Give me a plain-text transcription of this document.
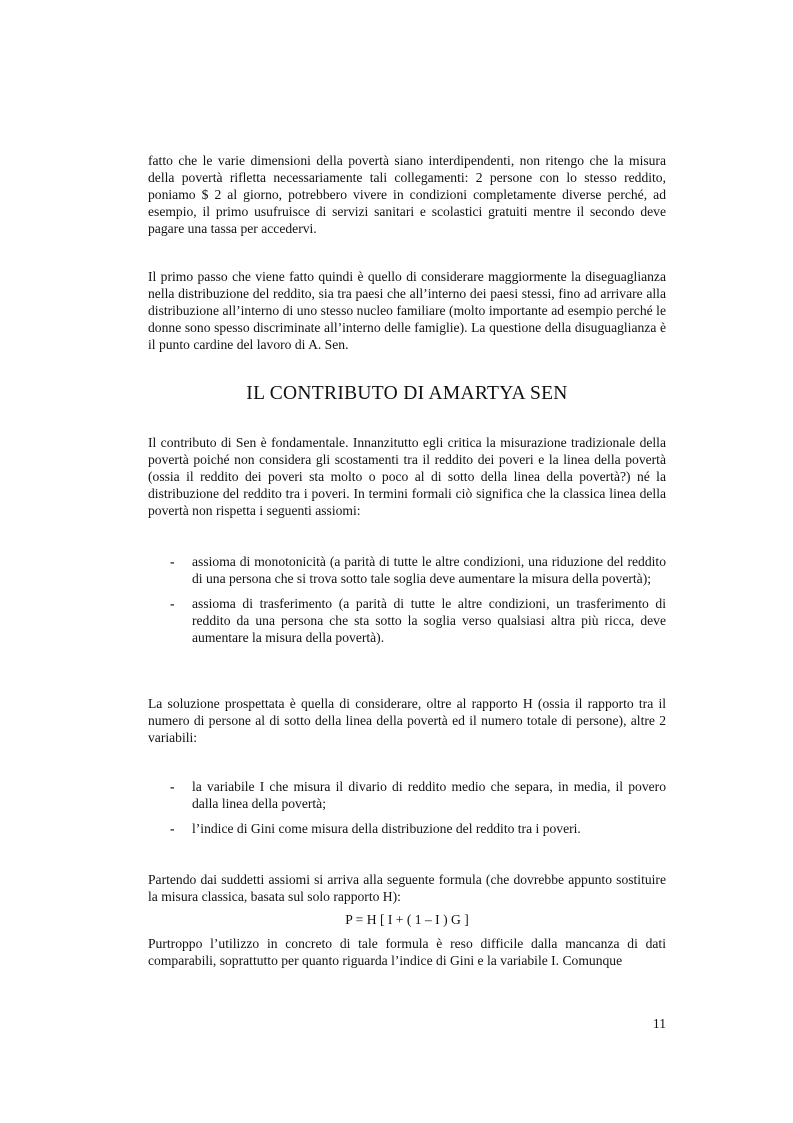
fatto che le varie dimensioni della povertà siano interdipendenti, non ritengo che la misura della povertà rifletta necessariamente tali collegamenti: 2 persone con lo stesso reddito, poniamo $ 2 al giorno, potrebbero vivere in condizioni completamente diverse perché, ad esempio, il primo usufruisce di servizi sanitari e scolastici gratuiti mentre il secondo deve pagare una tassa per accedervi.

Il primo passo che viene fatto quindi è quello di considerare maggiormente la diseguaglianza nella distribuzione del reddito, sia tra paesi che all’interno dei paesi stessi, fino ad arrivare alla distribuzione all’interno di uno stesso nucleo familiare (molto importante ad esempio perché le donne sono spesso discriminate all’interno delle famiglie). La questione della disuguaglianza è il punto cardine del lavoro di A. Sen.

IL CONTRIBUTO DI AMARTYA SEN

Il contributo di Sen è fondamentale. Innanzitutto egli critica la misurazione tradizionale della povertà poiché non considera gli scostamenti tra il reddito dei poveri e la linea della povertà (ossia il reddito dei poveri sta molto o poco al di sotto della linea della povertà?) né la distribuzione del reddito tra i poveri. In termini formali ciò significa che la classica linea della povertà non rispetta i seguenti assiomi:

- assioma di monotonicità (a parità di tutte le altre condizioni, una riduzione del reddito di una persona che si trova sotto tale soglia deve aumentare la misura della povertà);
- assioma di trasferimento (a parità di tutte le altre condizioni, un trasferimento di reddito da una persona che sta sotto la soglia verso qualsiasi altra più ricca, deve aumentare la misura della povertà).

La soluzione prospettata è quella di considerare, oltre al rapporto H (ossia il rapporto tra il numero di persone al di sotto della linea della povertà ed il numero totale di persone), altre 2 variabili:

- la variabile I che misura il divario di reddito medio che separa, in media, il povero dalla linea della povertà;
- l’indice di Gini come misura della distribuzione del reddito tra i poveri.

Partendo dai suddetti assiomi si arriva alla seguente formula (che dovrebbe appunto sostituire la misura classica, basata sul solo rapporto H):

P = H [ I + ( 1 – I ) G ]

Purtroppo l’utilizzo in concreto di tale formula è reso difficile dalla mancanza di dati comparabili, soprattutto per quanto riguarda l’indice di Gini e la variabile I. Comunque

11
